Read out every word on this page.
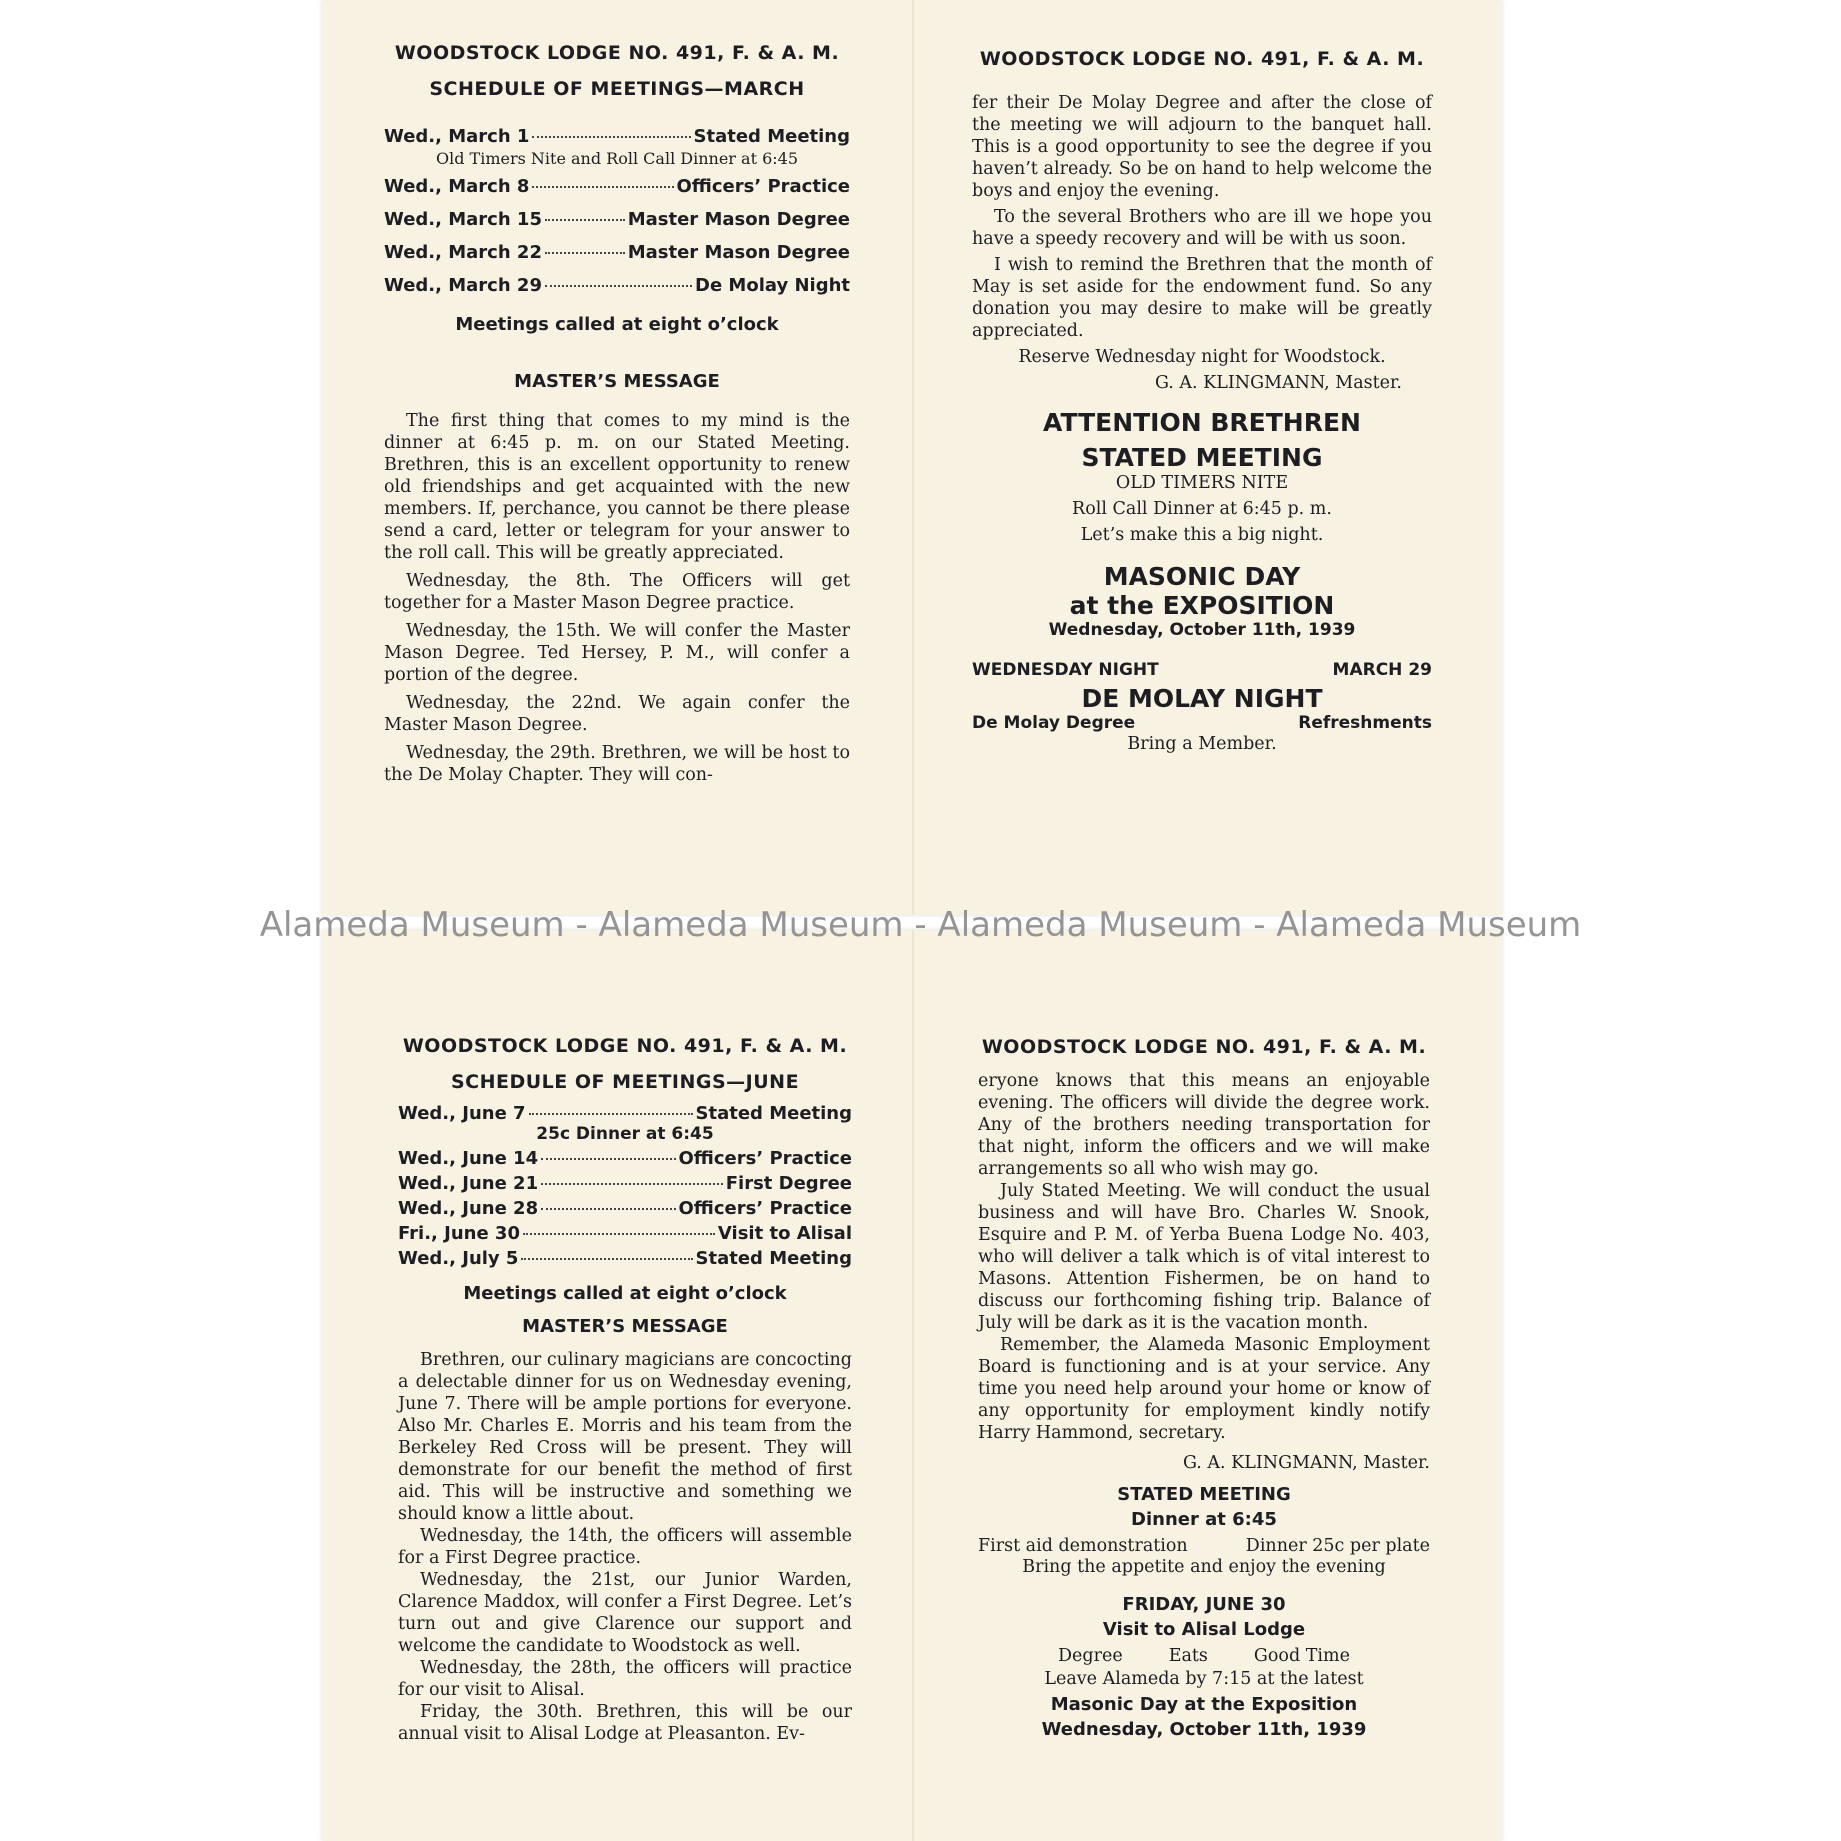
WOODSTOCK LODGE NO. 491, F. & A. M.
SCHEDULE OF MEETINGS—MARCH
Wed., March 1	Stated Meeting
Old Timers Nite and Roll Call Dinner at 6:45
Wed., March 8	Officers’ Practice
Wed., March 15	Master Mason Degree
Wed., March 22	Master Mason Degree
Wed., March 29	De Molay Night
Meetings called at eight o’clock
MASTER’S MESSAGE

The first thing that comes to my mind is the dinner at 6:45 p. m. on our Stated Meeting. Brethren, this is an excellent opportunity to renew old friendships and get acquainted with the new members. If, perchance, you cannot be there please send a card, letter or telegram for your answer to the roll call. This will be greatly appreciated.

Wednesday, the 8th. The Officers will get together for a Master Mason Degree practice.

Wednesday, the 15th. We will confer the Master Mason Degree. Ted Hersey, P. M., will confer a portion of the degree.

Wednesday, the 22nd. We again confer the Master Mason Degree.

Wednesday, the 29th. Brethren, we will be host to the De Molay Chapter. They will con-

WOODSTOCK LODGE NO. 491, F. & A. M.

fer their De Molay Degree and after the close of the meeting we will adjourn to the banquet hall. This is a good opportunity to see the degree if you haven’t already. So be on hand to help welcome the boys and enjoy the evening.

To the several Brothers who are ill we hope you have a speedy recovery and will be with us soon.

I wish to remind the Brethren that the month of May is set aside for the endowment fund. So any donation you may desire to make will be greatly appreciated.

Reserve Wednesday night for Woodstock.
G. A. KLINGMANN, Master.
ATTENTION BRETHREN
STATED MEETING
OLD TIMERS NITE
Roll Call Dinner at 6:45 p. m.
Let’s make this a big night.
MASONIC DAY
at the EXPOSITION
Wednesday, October 11th, 1939
WEDNESDAY NIGHT	MARCH 29
DE MOLAY NIGHT
De Molay Degree	Refreshments
Bring a Member.
WOODSTOCK LODGE NO. 491, F. & A. M.
SCHEDULE OF MEETINGS—JUNE
Wed., June 7	Stated Meeting
25c Dinner at 6:45
Wed., June 14	Officers’ Practice
Wed., June 21	First Degree
Wed., June 28	Officers’ Practice
Fri., June 30	Visit to Alisal
Wed., July 5	Stated Meeting
Meetings called at eight o’clock
MASTER’S MESSAGE

Brethren, our culinary magicians are concocting a delectable dinner for us on Wednesday evening, June 7. There will be ample portions for everyone. Also Mr. Charles E. Morris and his team from the Berkeley Red Cross will be present. They will demonstrate for our benefit the method of first aid. This will be instructive and something we should know a little about.

Wednesday, the 14th, the officers will assemble for a First Degree practice.

Wednesday, the 21st, our Junior Warden, Clarence Maddox, will confer a First Degree. Let’s turn out and give Clarence our support and welcome the candidate to Woodstock as well.

Wednesday, the 28th, the officers will practice for our visit to Alisal.

Friday, the 30th. Brethren, this will be our annual visit to Alisal Lodge at Pleasanton. Ev-

WOODSTOCK LODGE NO. 491, F. & A. M.

eryone knows that this means an enjoyable evening. The officers will divide the degree work. Any of the brothers needing transportation for that night, inform the officers and we will make arrangements so all who wish may go.

July Stated Meeting. We will conduct the usual business and will have Bro. Charles W. Snook, Esquire and P. M. of Yerba Buena Lodge No. 403, who will deliver a talk which is of vital interest to Masons. Attention Fishermen, be on hand to discuss our forthcoming fishing trip. Balance of July will be dark as it is the vacation month.

Remember, the Alameda Masonic Employment Board is functioning and is at your service. Any time you need help around your home or know of any opportunity for employment kindly notify Harry Hammond, secretary.

G. A. KLINGMANN, Master.
STATED MEETING
Dinner at 6:45
First aid demonstration	Dinner 25c per plate
Bring the appetite and enjoy the evening
FRIDAY, JUNE 30
Visit to Alisal Lodge
Degree	Eats	Good Time
Leave Alameda by 7:15 at the latest
Masonic Day at the Exposition
Wednesday, October 11th, 1939
Alameda Museum - Alameda Museum - Alameda Museum - Alameda Museum
